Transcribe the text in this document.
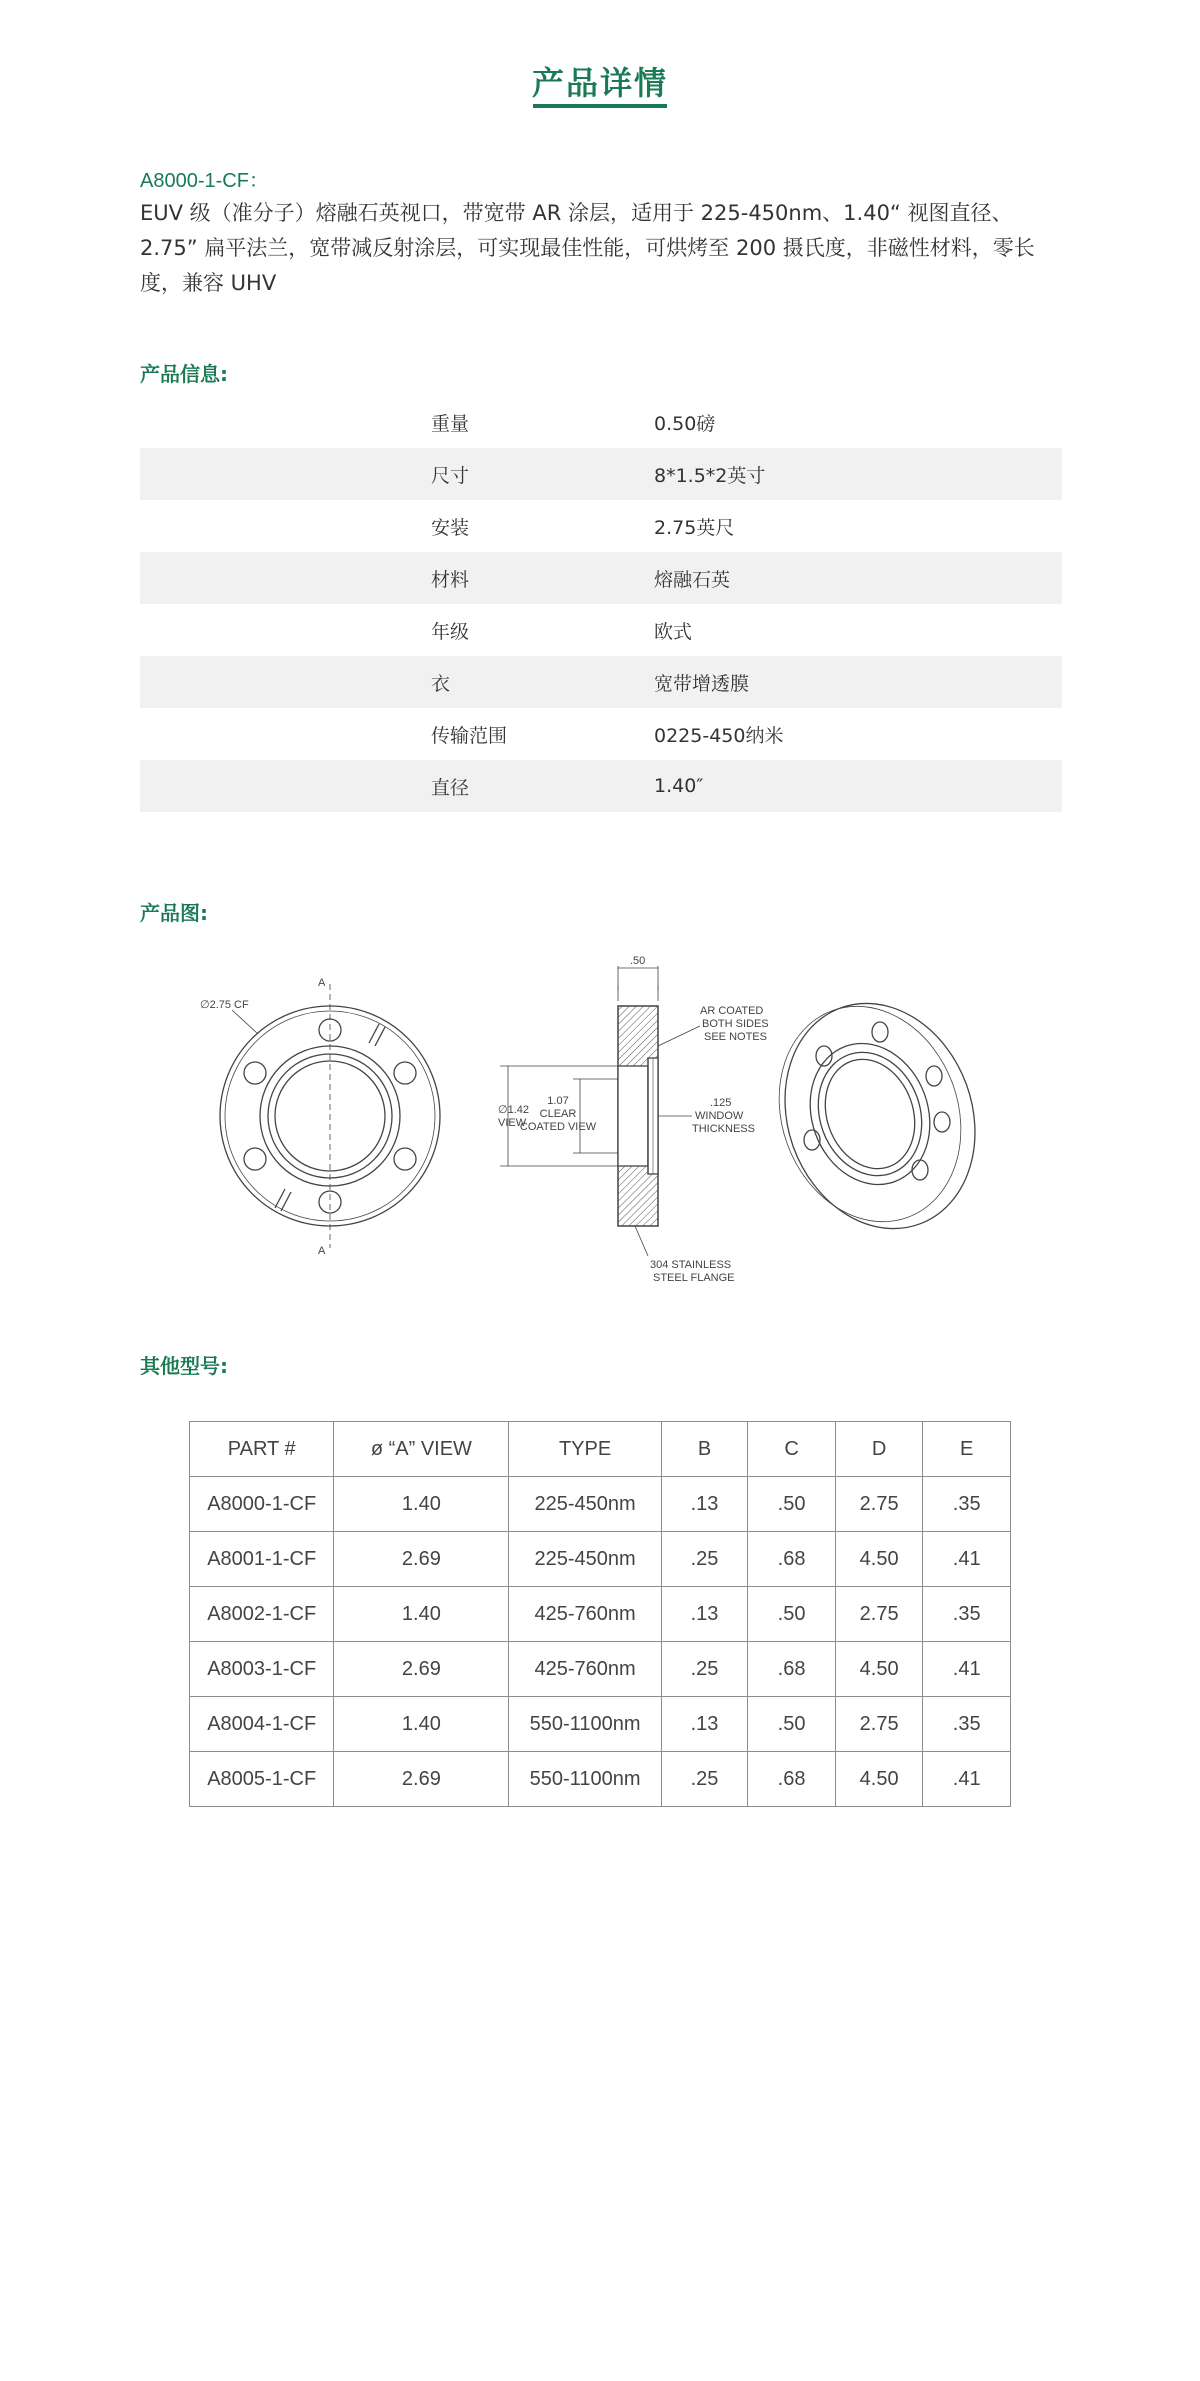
产品详情
A8000-1-CF：
EUV 级（准分子）熔融石英视口，带宽带 AR 涂层，适用于 225-450nm、1.40“ 视图直径、2.75” 扁平法兰，宽带减反射涂层，可实现最佳性能，可烘烤至 200 摄氏度，非磁性材料，零长度，兼容 UHV
产品信息:
重量	0.50磅
尺寸	8*1.5*2英寸
安装	2.75英尺
材料	熔融石英
年级	欧式
衣	宽带增透膜
传输范围	0225-450纳米
直径	1.40″
产品图:
∅2.75 CF
A
A
.50
∅1.42
VIEW
1.07
CLEAR
COATED VIEW
AR COATED
BOTH SIDES
SEE NOTES
.125
WINDOW
THICKNESS
304 STAINLESS
STEEL FLANGE
其他型号:
PART #	ø “A” VIEW	TYPE	B	C	D	E
A8000-1-CF	1.40	225-450nm	.13	.50	2.75	.35
A8001-1-CF	2.69	225-450nm	.25	.68	4.50	.41
A8002-1-CF	1.40	425-760nm	.13	.50	2.75	.35
A8003-1-CF	2.69	425-760nm	.25	.68	4.50	.41
A8004-1-CF	1.40	550-1100nm	.13	.50	2.75	.35
A8005-1-CF	2.69	550-1100nm	.25	.68	4.50	.41
